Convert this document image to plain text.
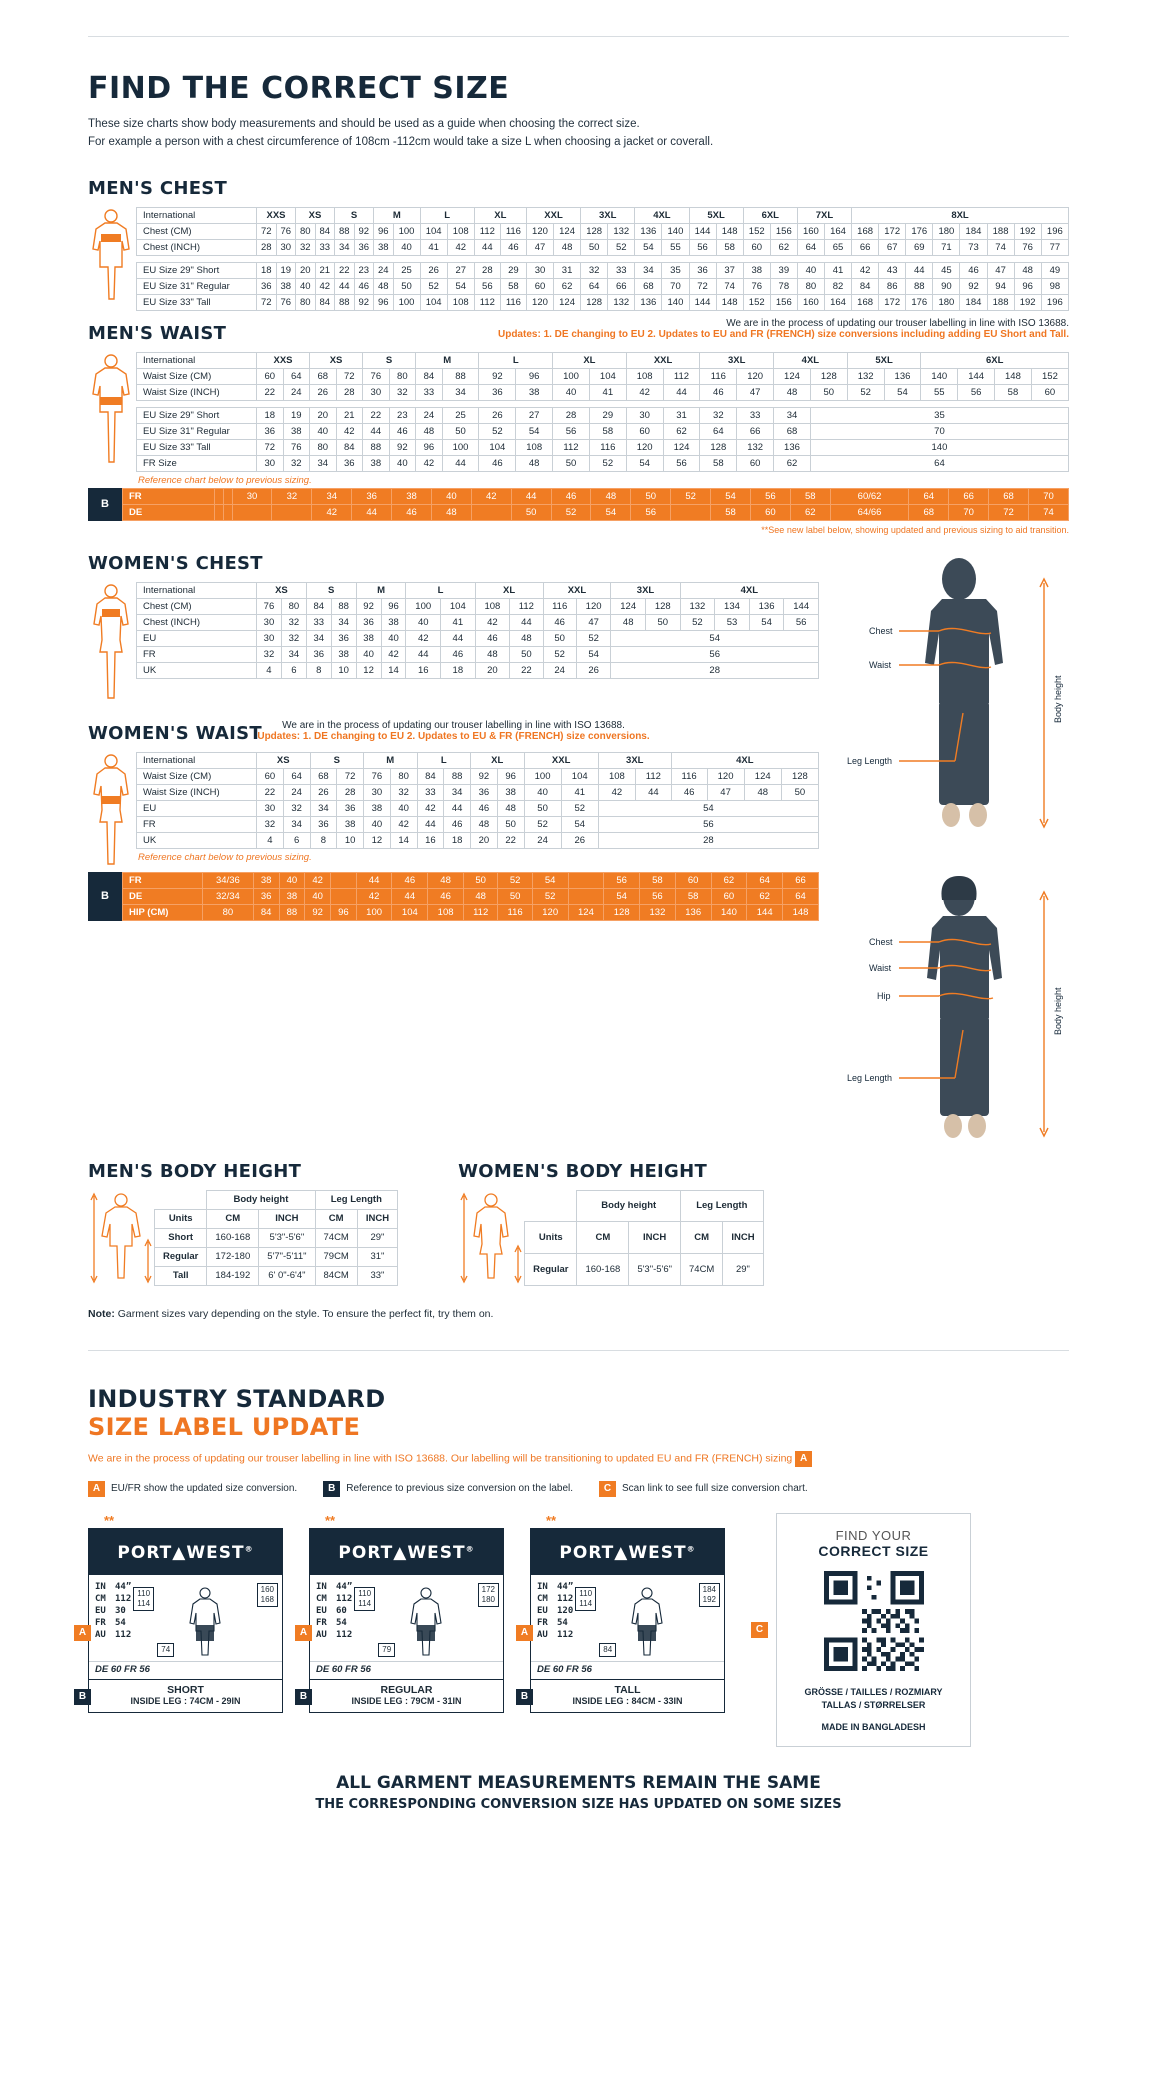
FIND THE CORRECT SIZE
These size charts show body measurements and should be used as a guide when choosing the correct size.
For example a person with a chest circumference of 108cm -112cm would take a size L when choosing a jacket or coverall.
MEN'S CHEST
International	XXS		XS		S		M		L		XL		XXL		3XL		4XL		5XL		6XL		7XL		8XL							
Chest (CM)	72	76	80	84	88	92	96	100	104	108	112	116	120	124	128	132	136	140	144	148	152	156	160	164	168	172	176	180	184	188	192	196
Chest (INCH)	28	30	32	33	34	36	38	40	41	42	44	46	47	48	50	52	54	55	56	58	60	62	64	65	66	67	69	71	73	74	76	77

EU Size 29" Short	18	19	20	21	22	23	24	25	26	27	28	29	30	31	32	33	34	35	36	37	38	39	40	41	42	43	44	45	46	47	48	49
EU Size 31" Regular	36	38	40	42	44	46	48	50	52	54	56	58	60	62	64	66	68	70	72	74	76	78	80	82	84	86	88	90	92	94	96	98
EU Size 33" Tall	72	76	80	84	88	92	96	100	104	108	112	116	120	124	128	132	136	140	144	148	152	156	160	164	168	172	176	180	184	188	192	196
We are in the process of updating our trouser labelling in line with ISO 13688.
Updates: 1. DE changing to EU 2. Updates to EU and FR (FRENCH) size conversions including adding EU Short and Tall.
MEN'S WAIST
International	XXS		XS		S		M		L		XL		XXL		3XL		4XL		5XL		6XL			
Waist Size (CM)	60	64	68	72	76	80	84	88	92	96	100	104	108	112	116	120	124	128	132	136	140	144	148	152
Waist Size (INCH)	22	24	26	28	30	32	33	34	36	38	40	41	42	44	46	47	48	50	52	54	55	56	58	60

EU Size 29" Short	18	19	20	21	22	23	24	25	26	27	28	29	30	31	32	33	34	35						
EU Size 31" Regular	36	38	40	42	44	46	48	50	52	54	56	58	60	62	64	66	68	70						
EU Size 33" Tall	72	76	80	84	88	92	96	100	104	108	112	116	120	124	128	132	136	140						
FR Size	30	32	34	36	38	40	42	44	46	48	50	52	54	56	58	60	62	64						
Reference chart below to previous sizing.
B
FR			30	32	34	36	38	40	42	44	46	48	50	52	54	56	58	60/62	64	66	68	70
DE					42	44	46	48		50	52	54	56		58	60	62	64/66	68	70	72	74
**See new label below, showing updated and previous sizing to aid transition.
WOMEN'S CHEST
International	XS		S		M		L		XL		XXL		3XL		4XL			
Chest (CM)	76	80	84	88	92	96	100	104	108	112	116	120	124	128	132	134	136	144
Chest (INCH)	30	32	33	34	36	38	40	41	42	44	46	47	48	50	52	53	54	56
EU	30	32	34	36	38	40	42	44	46	48	50	52	54					
FR	32	34	36	38	40	42	44	46	48	50	52	54	56					
UK	4	6	8	10	12	14	16	18	20	22	24	26	28					
We are in the process of updating our trouser labelling in line with ISO 13688.
Updates: 1. DE changing to EU 2. Updates to EU & FR (FRENCH) size conversions.
WOMEN'S WAIST
International	XS		S		M		L		XL		XXL		3XL		4XL			
Waist Size (CM)	60	64	68	72	76	80	84	88	92	96	100	104	108	112	116	120	124	128
Waist Size (INCH)	22	24	26	28	30	32	33	34	36	38	40	41	42	44	46	47	48	50
EU	30	32	34	36	38	40	42	44	46	48	50	52	54					
FR	32	34	36	38	40	42	44	46	48	50	52	54	56					
UK	4	6	8	10	12	14	16	18	20	22	24	26	28					
Reference chart below to previous sizing.
B
FR	34/36	38	40	42		44	46	48	50	52	54		56	58	60	62	64	66
DE	32/34	36	38	40		42	44	46	48	50	52		54	56	58	60	62	64
HIP (CM)	80	84	88	92	96	100	104	108	112	116	120	124	128	132	136	140	144	148
Chest
Waist
Leg Length
Body height

Chest
Waist
Hip
Leg Length
Body height
MEN'S BODY HEIGHT
	Body height		Leg Length	
Units	CM	INCH	CM	INCH
Short	160-168	5'3"-5'6"	74CM	29"
Regular	172-180	5'7"-5'11"	79CM	31"
Tall	184-192	6' 0"-6'4"	84CM	33"
WOMEN'S BODY HEIGHT
	Body height		Leg Length	
Units	CM	INCH	CM	INCH
Regular	160-168	5'3"-5'6"	74CM	29"
Note: Garment sizes vary depending on the style. To ensure the perfect fit, try them on.
INDUSTRY STANDARD
SIZE LABEL UPDATE
We are in the process of updating our trouser labelling in line with ISO 13688. Our labelling will be transitioning to updated EU and FR (FRENCH) sizing A
A	EU/FR show the updated size conversion.	B	Reference to previous size conversion on the label.	C	Scan link to see full size conversion chart.
**
PORT▲WEST®
IN 44”
CM 112
EU 30
FR 54
AU 112
110
114
160
168
74
DE 60 FR 56
SHORT
INSIDE LEG : 74CM - 29IN
A
B
**
PORT▲WEST®
IN 44”
CM 112
EU 60
FR 54
AU 112
110
114
172
180
79
DE 60 FR 56
REGULAR
INSIDE LEG : 79CM - 31IN
A
B
**
PORT▲WEST®
IN 44”
CM 112
EU 120
FR 54
AU 112
110
114
184
192
84
DE 60 FR 56
TALL
INSIDE LEG : 84CM - 33IN
A
B
C
FIND YOUR
CORRECT SIZE
GRÖSSE / TAILLES / ROZMIARY
TALLAS / STØRRELSER
MADE IN BANGLADESH
ALL GARMENT MEASUREMENTS REMAIN THE SAME
THE CORRESPONDING CONVERSION SIZE HAS UPDATED ON SOME SIZES
